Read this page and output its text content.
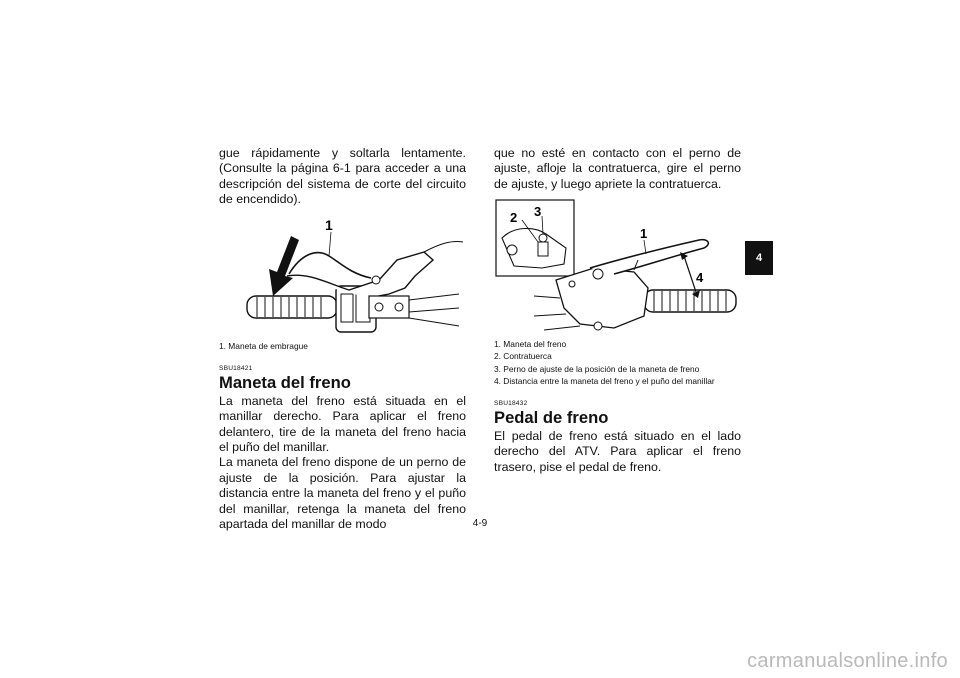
gue rápidamente y soltarla lentamente. (Consulte la página 6-1 para acceder a una descripción del sistema de corte del circuito de encendido).

1

1. Maneta de embrague

SBU18421

Maneta del freno

La maneta del freno está situada en el manillar derecho. Para aplicar el freno delantero, tire de la maneta del freno hacia el puño del manillar.

La maneta del freno dispone de un perno de ajuste de la posición. Para ajustar la distancia entre la maneta del freno y el puño del manillar, retenga la maneta del freno apartada del manillar de modo

que no esté en contacto con el perno de ajuste, afloje la contratuerca, gire el perno de ajuste, y luego apriete la contratuerca.

2 3
1
4

1. Maneta del freno

2. Contratuerca

3. Perno de ajuste de la posición de la maneta de freno

4. Distancia entre la maneta del freno y el puño del manillar

SBU18432

Pedal de freno

El pedal de freno está situado en el lado derecho del ATV. Para aplicar el freno trasero, pise el pedal de freno.

4
4-9
carmanualsonline.info
